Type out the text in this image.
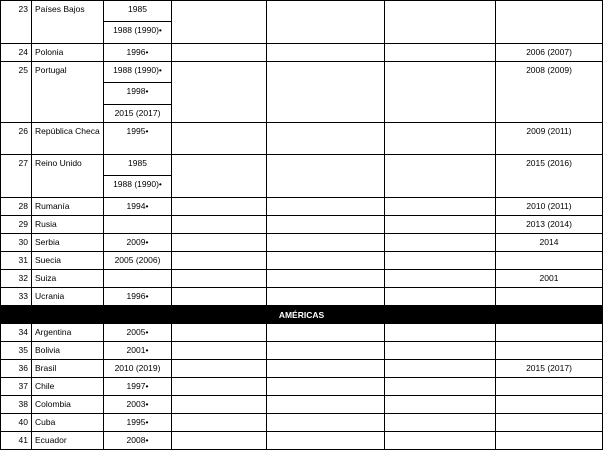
23	Países Bajos	1985				
		1988 (1990)•				
24	Polonia	1996•				2006 (2007)
25	Portugal	1988 (1990)•				2008 (2009)
		1998•				
		2015 (2017)				
26	República Checa	1995•				2009 (2011)
27	Reino Unido	1985				2015 (2016)
		1988 (1990)•				
28	Rumanía	1994•				2010 (2011)
29	Rusia					2013 (2014)
30	Serbia	2009•				2014
31	Suecia	2005 (2006)				
32	Suiza					2001
33	Ucrania	1996•				
AMÉRICAS						
34	Argentina	2005•				
35	Bolivia	2001•				
36	Brasil	2010 (2019)				2015 (2017)
37	Chile	1997•				
38	Colombia	2003•				
40	Cuba	1995•				
41	Ecuador	2008•				
